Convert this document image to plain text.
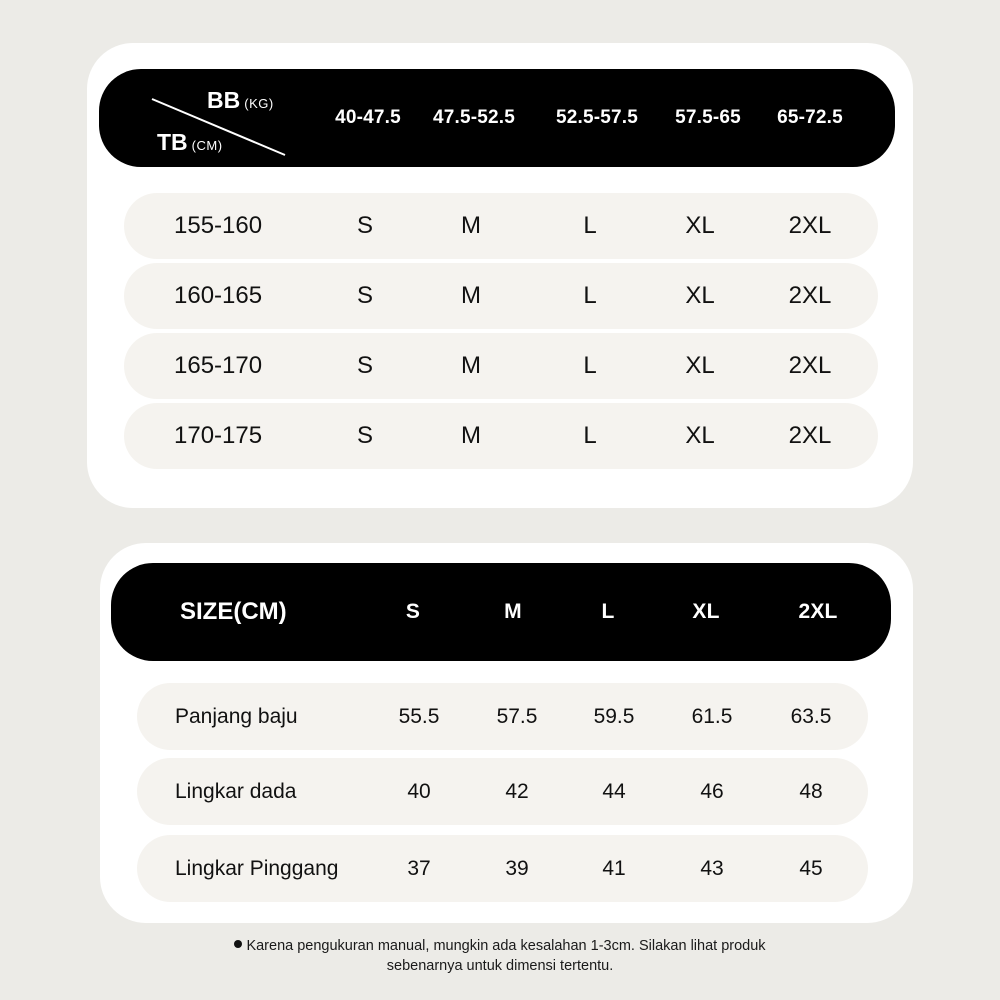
BB (KG)
TB (CM)
40-47.5 47.5-52.5 52.5-57.5 57.5-65 65-72.5
155-160	S	M	L	XL	2XL
160-165	S	M	L	XL	2XL
165-170	S	M	L	XL	2XL
170-175	S	M	L	XL	2XL
SIZE(CM)	S	M	L	XL	2XL
Panjang baju	55.5	57.5	59.5	61.5	63.5
Lingkar dada	40	42	44	46	48
Lingkar Pinggang	37	39	41	43	45
Karena pengukuran manual, mungkin ada kesalahan 1-3cm. Silakan lihat produk
sebenarnya untuk dimensi tertentu.
